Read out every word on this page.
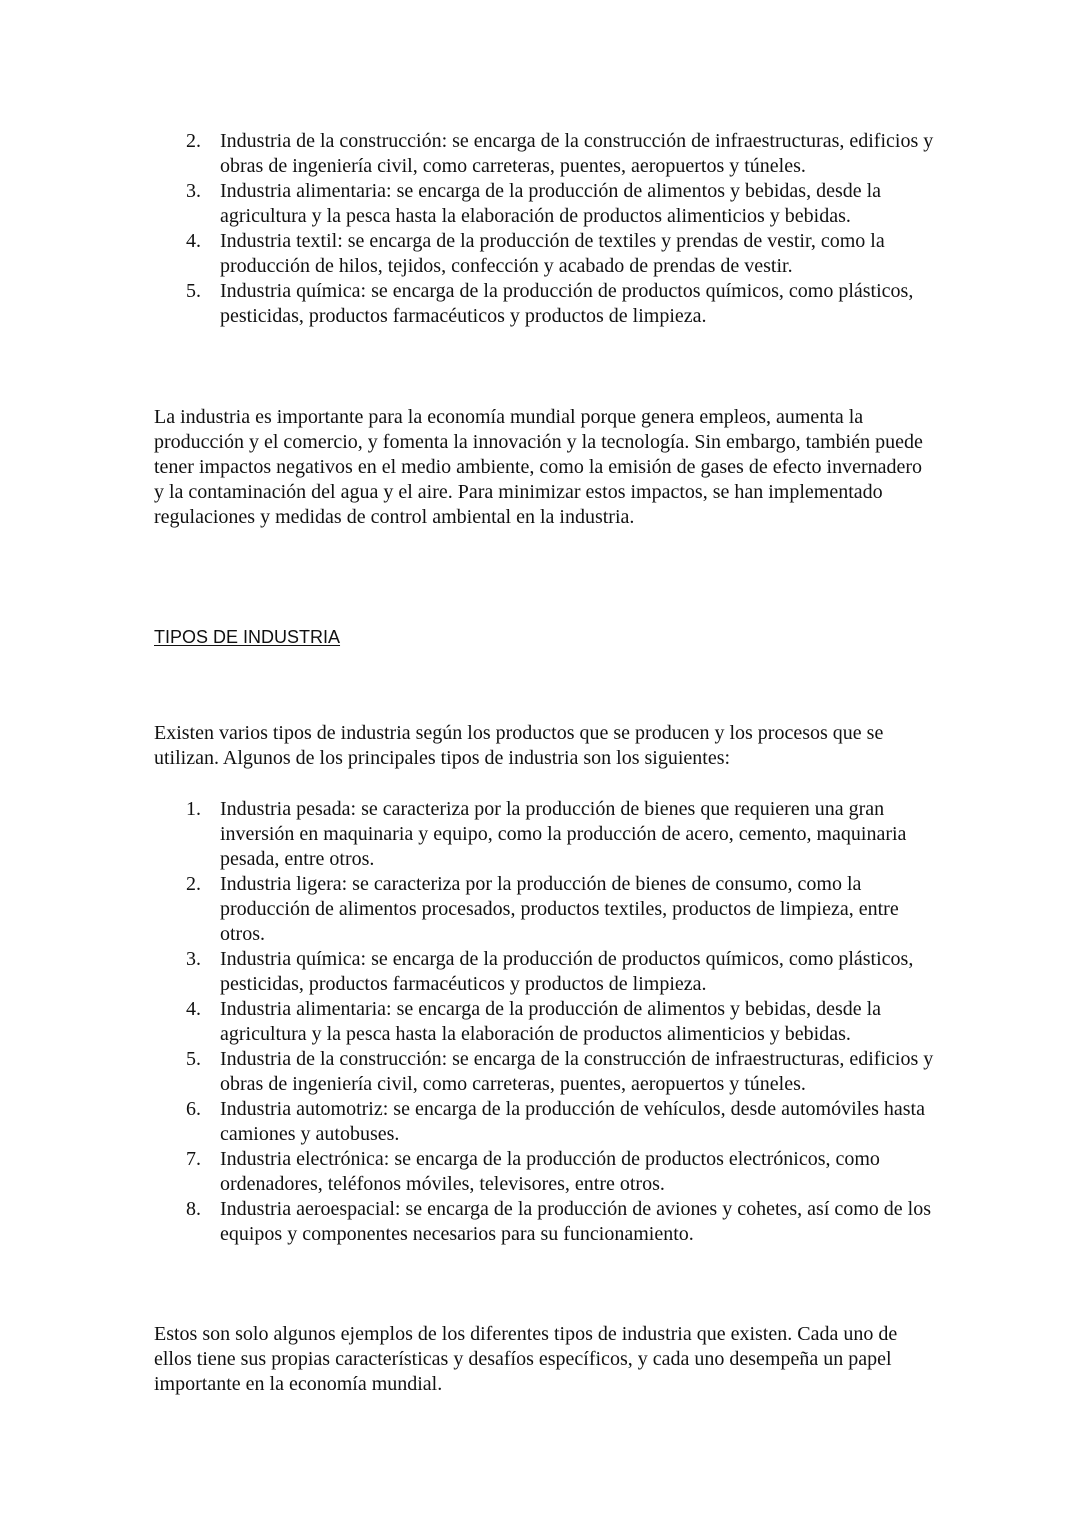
2. Industria de la construcción: se encarga de la construcción de infraestructuras, edificios y obras de ingeniería civil, como carreteras, puentes, aeropuertos y túneles.
3. Industria alimentaria: se encarga de la producción de alimentos y bebidas, desde la agricultura y la pesca hasta la elaboración de productos alimenticios y bebidas.
4. Industria textil: se encarga de la producción de textiles y prendas de vestir, como la producción de hilos, tejidos, confección y acabado de prendas de vestir.
5. Industria química: se encarga de la producción de productos químicos, como plásticos, pesticidas, productos farmacéuticos y productos de limpieza.

La industria es importante para la economía mundial porque genera empleos, aumenta la producción y el comercio, y fomenta la innovación y la tecnología. Sin embargo, también puede tener impactos negativos en el medio ambiente, como la emisión de gases de efecto invernadero y la contaminación del agua y el aire. Para minimizar estos impactos, se han implementado regulaciones y medidas de control ambiental en la industria.

TIPOS DE INDUSTRIA

Existen varios tipos de industria según los productos que se producen y los procesos que se utilizan. Algunos de los principales tipos de industria son los siguientes:

1. Industria pesada: se caracteriza por la producción de bienes que requieren una gran inversión en maquinaria y equipo, como la producción de acero, cemento, maquinaria pesada, entre otros.
2. Industria ligera: se caracteriza por la producción de bienes de consumo, como la producción de alimentos procesados, productos textiles, productos de limpieza, entre otros.
3. Industria química: se encarga de la producción de productos químicos, como plásticos, pesticidas, productos farmacéuticos y productos de limpieza.
4. Industria alimentaria: se encarga de la producción de alimentos y bebidas, desde la agricultura y la pesca hasta la elaboración de productos alimenticios y bebidas.
5. Industria de la construcción: se encarga de la construcción de infraestructuras, edificios y obras de ingeniería civil, como carreteras, puentes, aeropuertos y túneles.
6. Industria automotriz: se encarga de la producción de vehículos, desde automóviles hasta camiones y autobuses.
7. Industria electrónica: se encarga de la producción de productos electrónicos, como ordenadores, teléfonos móviles, televisores, entre otros.
8. Industria aeroespacial: se encarga de la producción de aviones y cohetes, así como de los equipos y componentes necesarios para su funcionamiento.

Estos son solo algunos ejemplos de los diferentes tipos de industria que existen. Cada uno de ellos tiene sus propias características y desafíos específicos, y cada uno desempeña un papel importante en la economía mundial.
